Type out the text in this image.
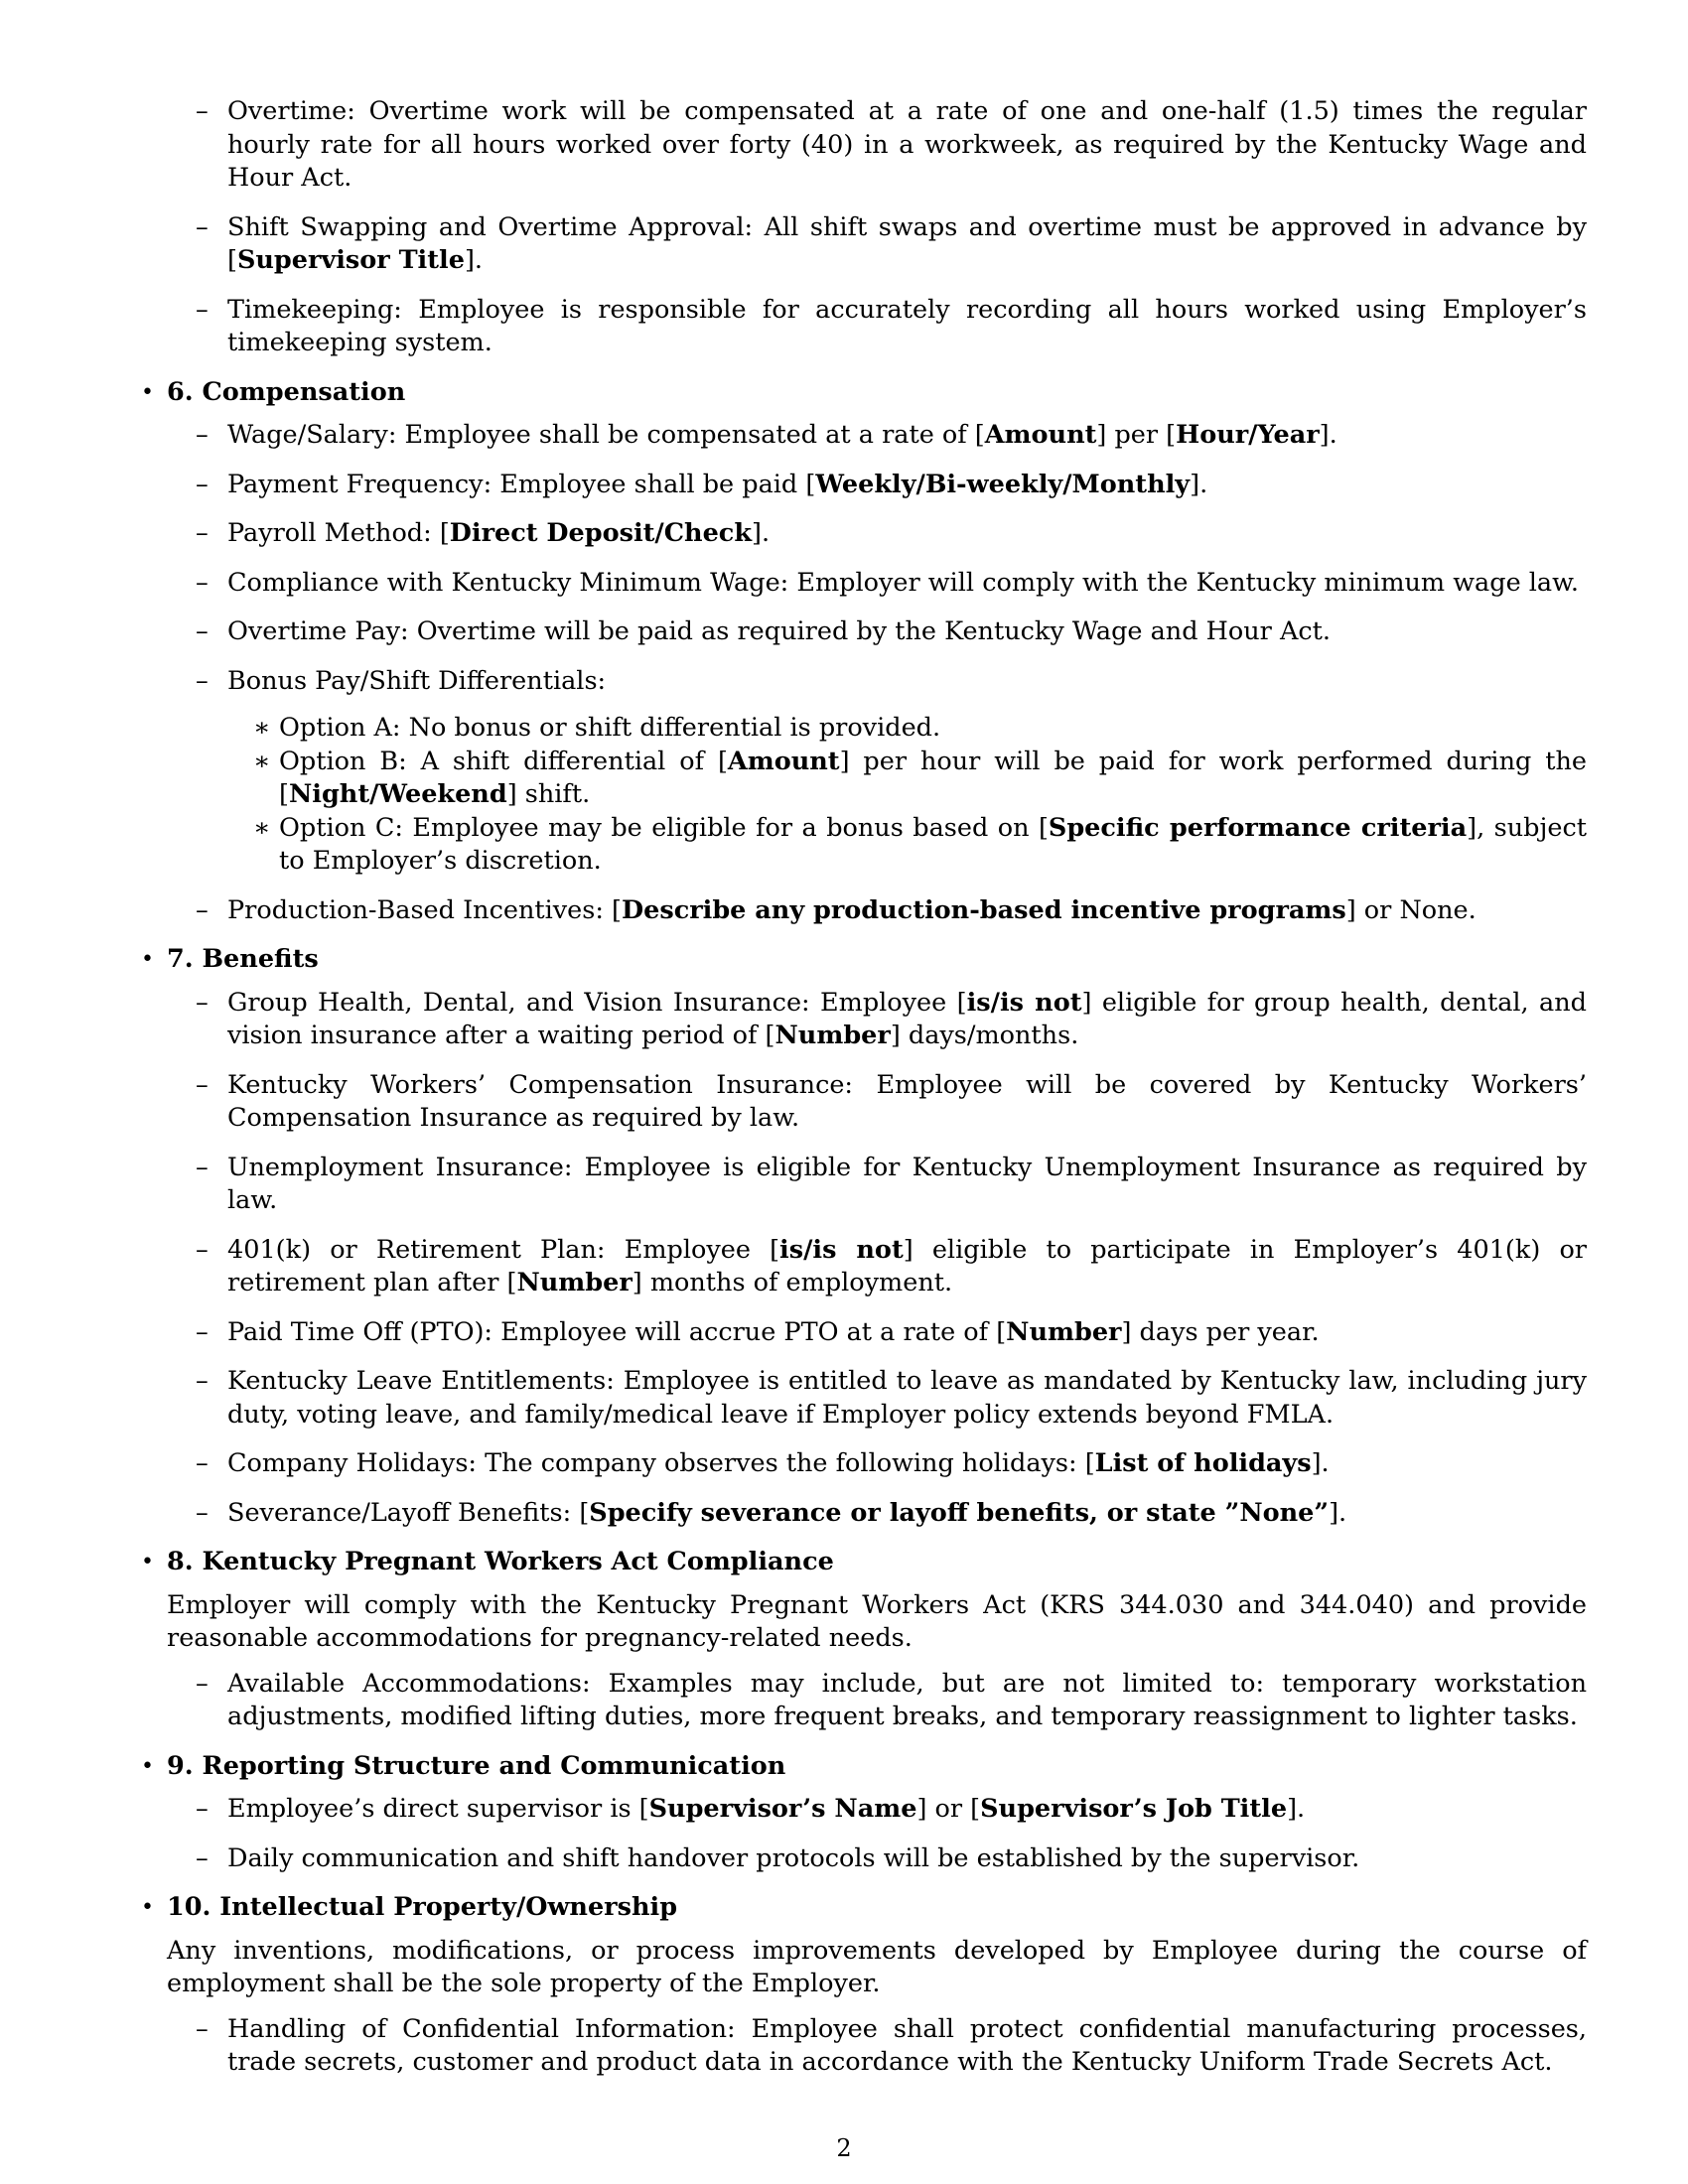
– Overtime: Overtime work will be compensated at a rate of one and one-half (1.5) times the regular hourly rate for all hours worked over forty (40) in a workweek, as required by the Kentucky Wage and Hour Act.
– Shift Swapping and Overtime Approval: All shift swaps and overtime must be approved in advance by [Supervisor Title].
– Timekeeping: Employee is responsible for accurately recording all hours worked using Employer’s timekeeping system.
• 6. Compensation
– Wage/Salary: Employee shall be compensated at a rate of [Amount] per [Hour/Year].
– Payment Frequency: Employee shall be paid [Weekly/Bi-weekly/Monthly].
– Payroll Method: [Direct Deposit/Check].
– Compliance with Kentucky Minimum Wage: Employer will comply with the Kentucky minimum wage law.
– Overtime Pay: Overtime will be paid as required by the Kentucky Wage and Hour Act.
– Bonus Pay/Shift Differentials:
∗ Option A: No bonus or shift differential is provided.
∗ Option B: A shift differential of [Amount] per hour will be paid for work performed during the [Night/Weekend] shift.
∗ Option C: Employee may be eligible for a bonus based on [Specific performance criteria], subject to Employer’s discretion.
– Production-Based Incentives: [Describe any production-based incentive programs] or None.
• 7. Benefits
– Group Health, Dental, and Vision Insurance: Employee [is/is not] eligible for group health, dental, and vision insurance after a waiting period of [Number] days/months.
– Kentucky Workers’ Compensation Insurance: Employee will be covered by Kentucky Workers’ Compensation Insurance as required by law.
– Unemployment Insurance: Employee is eligible for Kentucky Unemployment Insurance as required by law.
– 401(k) or Retirement Plan: Employee [is/is not] eligible to participate in Employer’s 401(k) or retirement plan after [Number] months of employment.
– Paid Time Off (PTO): Employee will accrue PTO at a rate of [Number] days per year.
– Kentucky Leave Entitlements: Employee is entitled to leave as mandated by Kentucky law, including jury duty, voting leave, and family/medical leave if Employer policy extends beyond FMLA.
– Company Holidays: The company observes the following holidays: [List of holidays].
– Severance/Layoff Benefits: [Specify severance or layoff benefits, or state ”None”].
• 8. Kentucky Pregnant Workers Act Compliance
Employer will comply with the Kentucky Pregnant Workers Act (KRS 344.030 and 344.040) and provide reasonable accommodations for pregnancy-related needs.
– Available Accommodations: Examples may include, but are not limited to: temporary workstation adjustments, modified lifting duties, more frequent breaks, and temporary reassignment to lighter tasks.
• 9. Reporting Structure and Communication
– Employee’s direct supervisor is [Supervisor’s Name] or [Supervisor’s Job Title].
– Daily communication and shift handover protocols will be established by the supervisor.
• 10. Intellectual Property/Ownership
Any inventions, modifications, or process improvements developed by Employee during the course of employment shall be the sole property of the Employer.
– Handling of Confidential Information: Employee shall protect confidential manufacturing processes, trade secrets, customer and product data in accordance with the Kentucky Uniform Trade Secrets Act.
2
